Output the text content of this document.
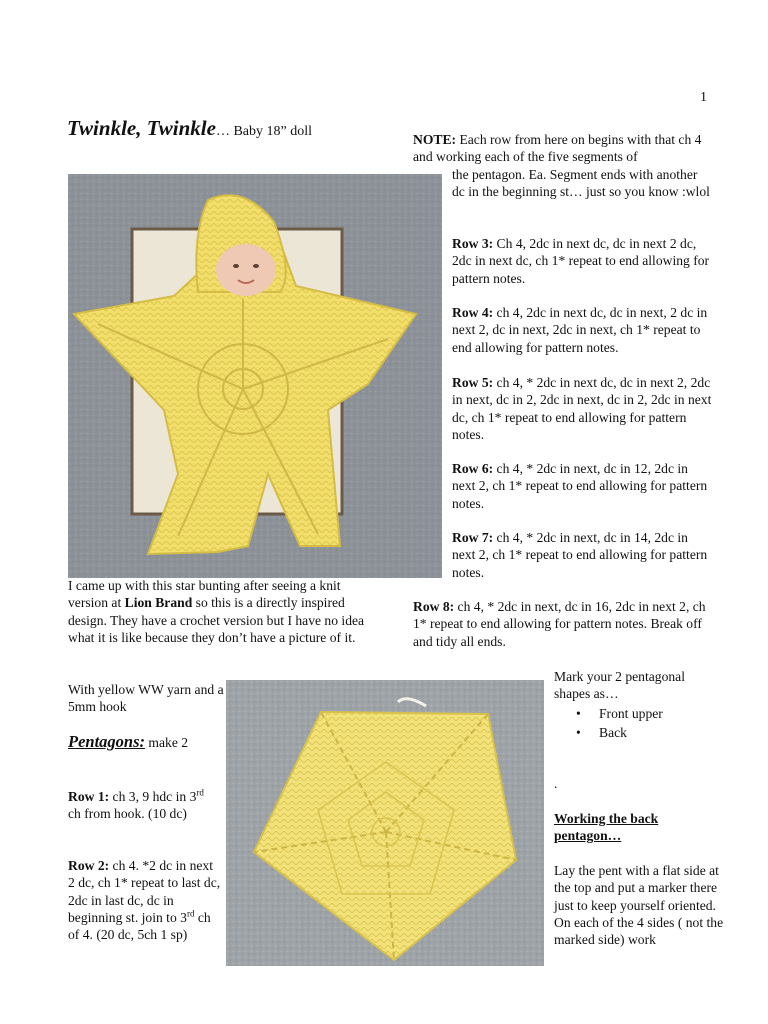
1
Twinkle, Twinkle… Baby 18” doll
NOTE: Each row from here on begins with that ch 4 and working each of the five segments of
the pentagon. Ea. Segment ends with another dc in the beginning st… just so you know :wlol
Row 3: Ch 4, 2dc in next dc, dc in next 2 dc, 2dc in next dc, ch 1* repeat to end allowing for pattern notes.
Row 4: ch 4, 2dc in next dc, dc in next, 2 dc in next 2, dc in next, 2dc in next, ch 1* repeat to end allowing for pattern notes.
Row 5: ch 4, * 2dc in next dc, dc in next 2, 2dc in next, dc in 2, 2dc in next, dc in 2, 2dc in next dc, ch 1* repeat to end allowing for pattern notes.
Row 6: ch 4, * 2dc in next, dc in 12, 2dc in next 2, ch 1* repeat to end allowing for pattern notes.
Row 7: ch 4, * 2dc in next, dc in 14, 2dc in next 2, ch 1* repeat to end allowing for pattern notes.
Row 8: ch 4, * 2dc in next, dc in 16, 2dc in next 2, ch 1* repeat to end allowing for pattern notes. Break off and tidy all ends.
I came up with this star bunting after seeing a knit version at Lion Brand so this is a directly inspired design. They have a crochet version but I have no idea what it is like because they don’t have a picture of it.
With yellow WW yarn and a 5mm hook
Pentagons: make 2
Row 1: ch 3, 9 hdc in 3rd ch from hook. (10 dc)
Row 2: ch 4. *2 dc in next 2 dc, ch 1* repeat to last dc, 2dc in last dc, dc in beginning st. join to 3rd ch of 4. (20 dc, 5ch 1 sp)
Mark your 2 pentagonal shapes as…
• Front upper
• Back
.
Working the back pentagon…
Lay the pent with a flat side at the top and put a marker there just to keep yourself oriented.
On each of the 4 sides ( not the marked side) work
